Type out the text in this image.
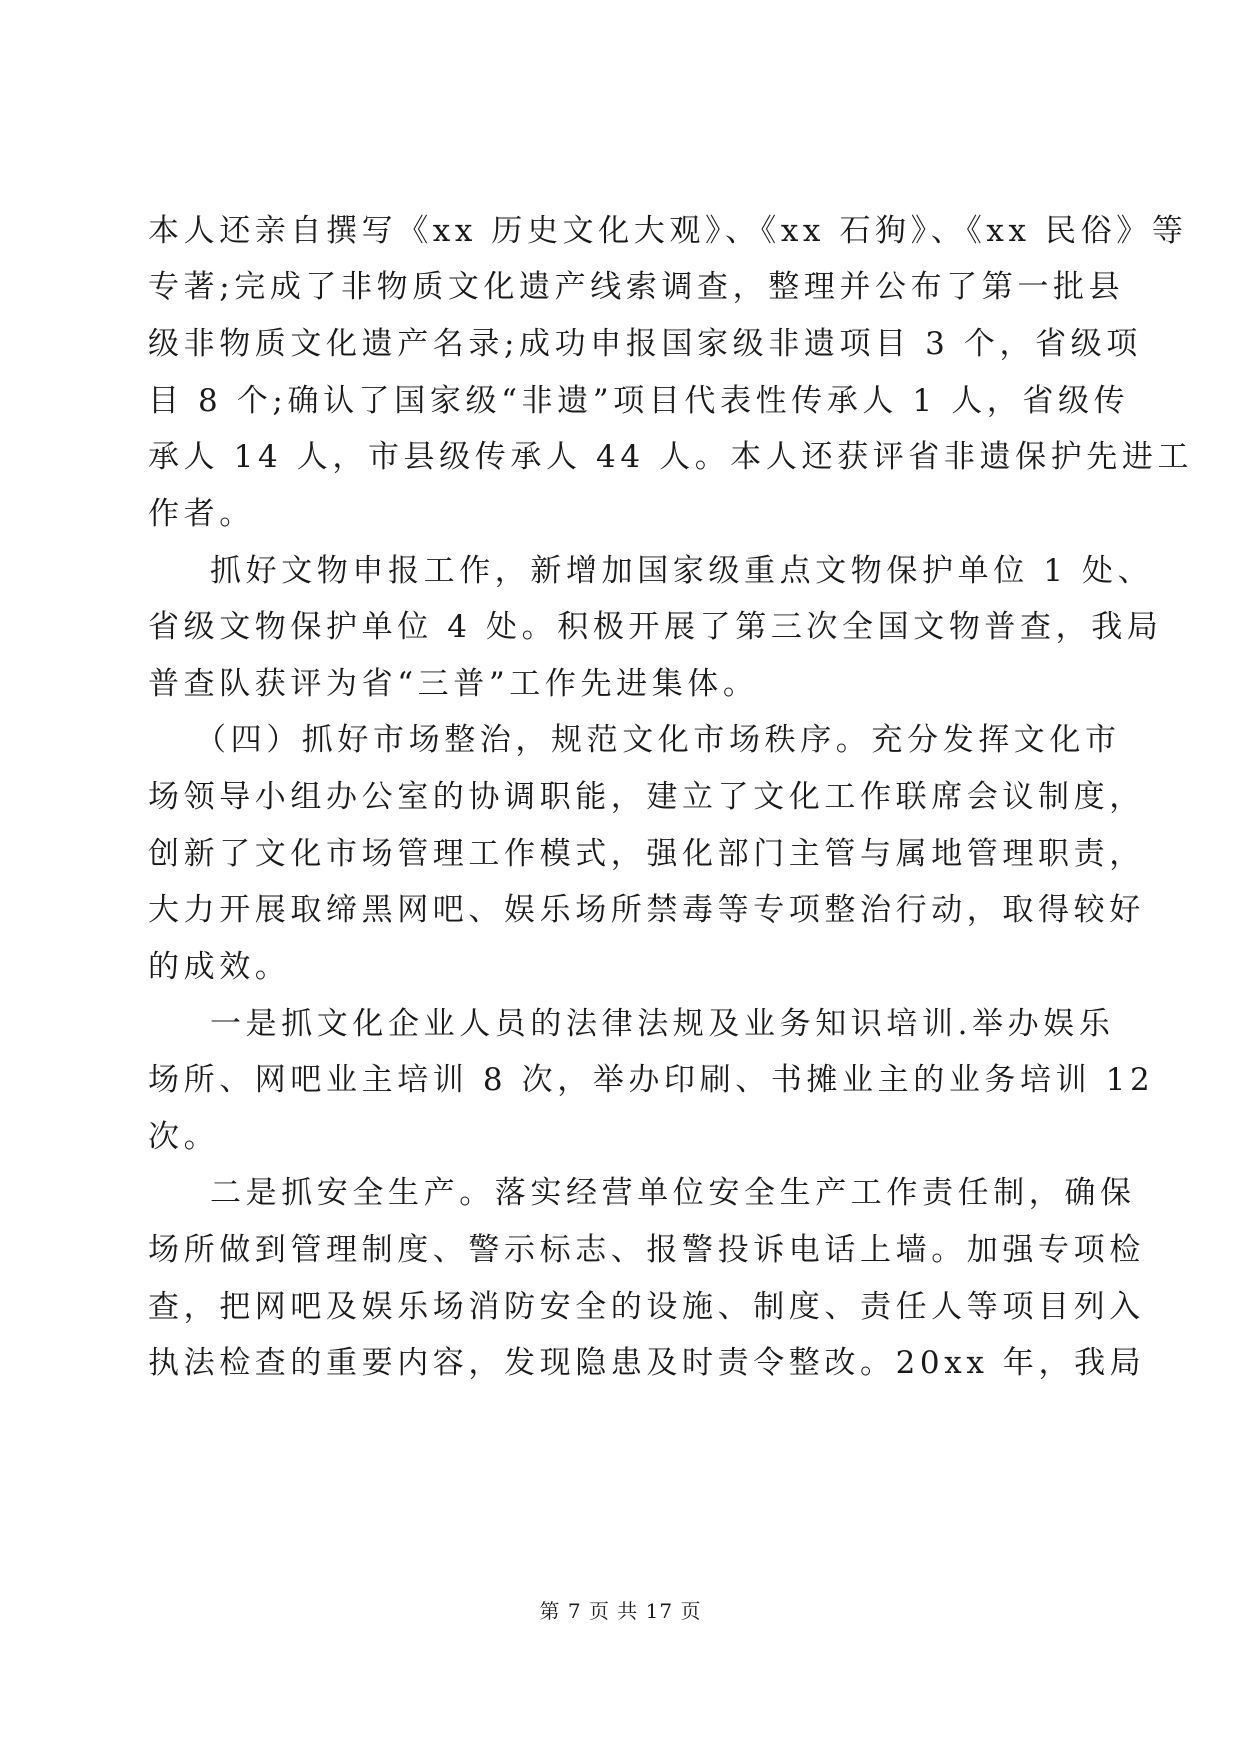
本人还亲自撰写《xx 历史文化大观》、《xx 石狗》、《xx 民俗》等
专著;完成了非物质文化遗产线索调查，整理并公布了第一批县
级非物质文化遗产名录;成功申报国家级非遗项目 3 个，省级项
目 8 个;确认了国家级“非遗”项目代表性传承人 1 人，省级传
承人 14 人，市县级传承人 44 人。本人还获评省非遗保护先进工
作者。
抓好文物申报工作，新增加国家级重点文物保护单位 1 处、
省级文物保护单位 4 处。积极开展了第三次全国文物普查，我局
普查队获评为省“三普”工作先进集体。
（四）抓好市场整治，规范文化市场秩序。充分发挥文化市
场领导小组办公室的协调职能，建立了文化工作联席会议制度，
创新了文化市场管理工作模式，强化部门主管与属地管理职责，
大力开展取缔黑网吧、娱乐场所禁毒等专项整治行动，取得较好
的成效。
一是抓文化企业人员的法律法规及业务知识培训.举办娱乐
场所、网吧业主培训 8 次，举办印刷、书摊业主的业务培训 12
次。
二是抓安全生产。落实经营单位安全生产工作责任制，确保
场所做到管理制度、警示标志、报警投诉电话上墙。加强专项检
查，把网吧及娱乐场消防安全的设施、制度、责任人等项目列入
执法检查的重要内容，发现隐患及时责令整改。20xx 年，我局
第 7 页 共 17 页
